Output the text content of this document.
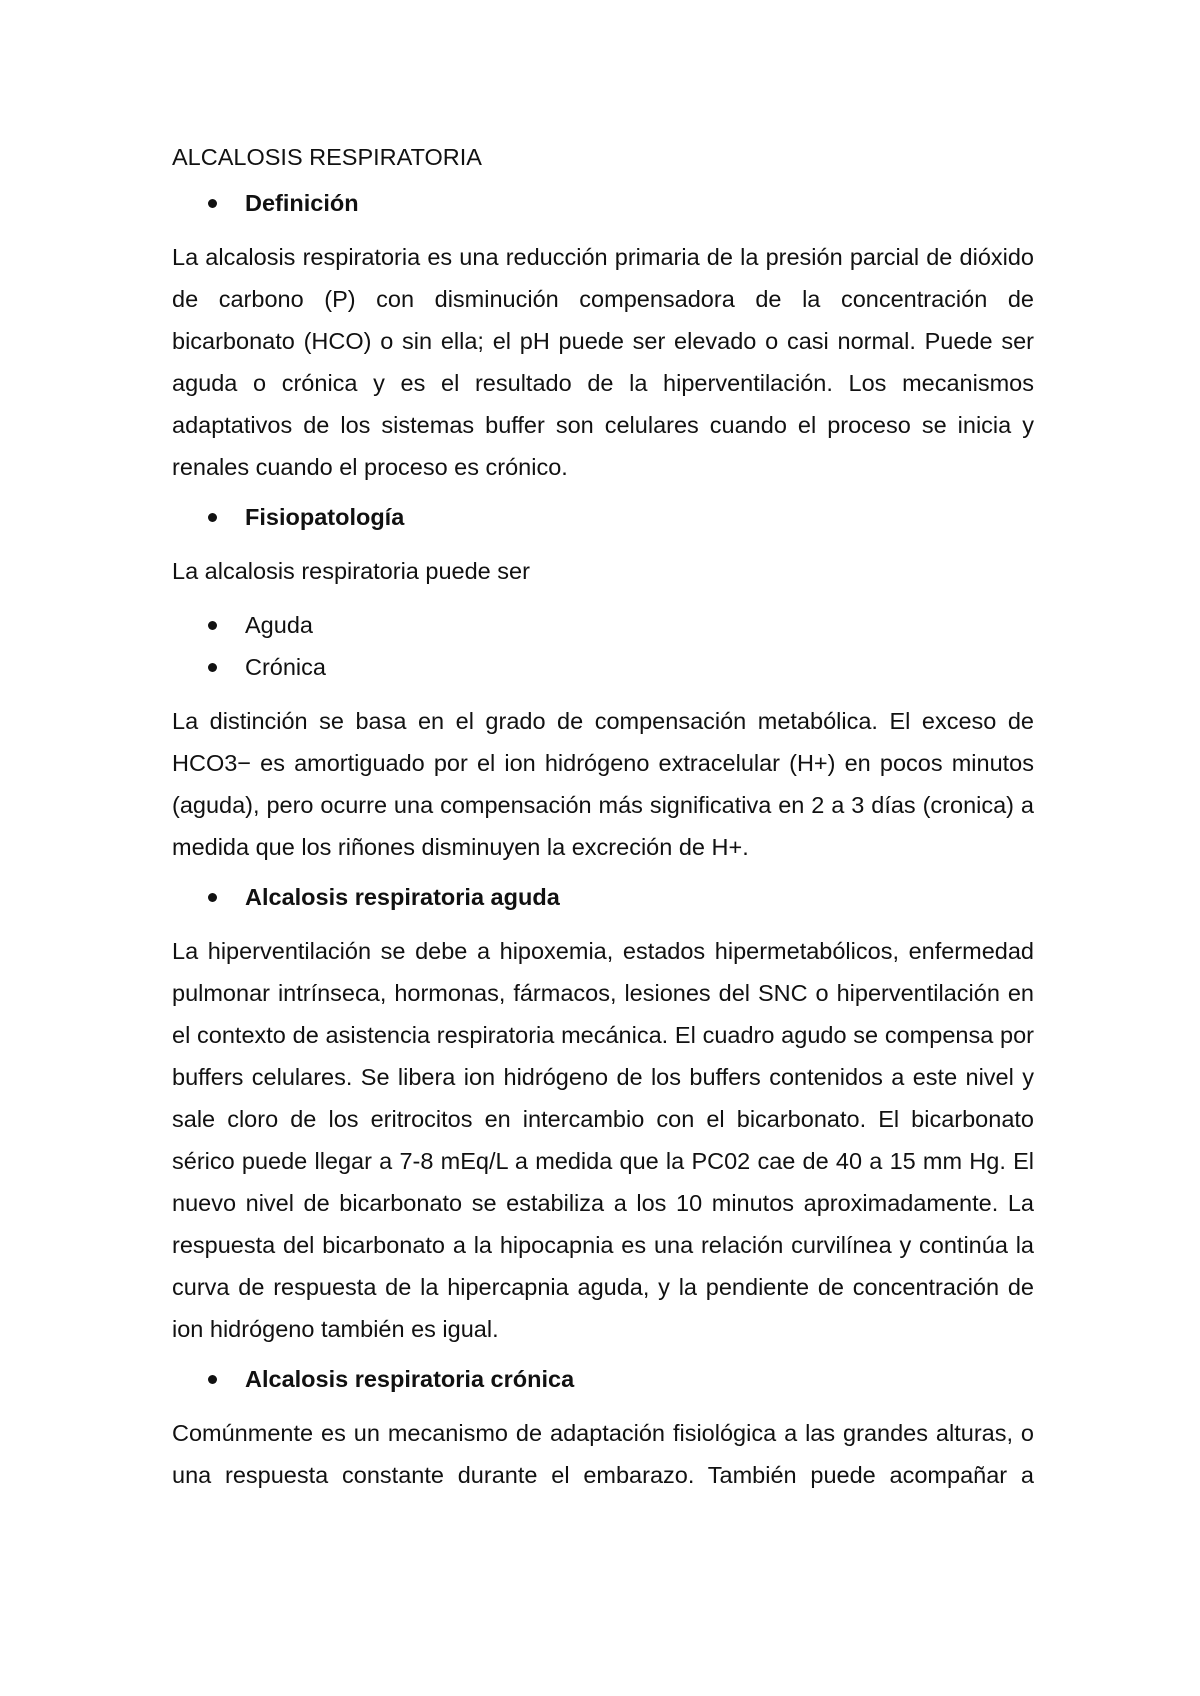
ALCALOSIS RESPIRATORIA
Definición

La alcalosis respiratoria es una reducción primaria de la presión parcial de dióxido de carbono (P) con disminución compensadora de la concentración de bicarbonato (HCO) o sin ella; el pH puede ser elevado o casi normal. Puede ser aguda o crónica y es el resultado de la hiperventilación. Los mecanismos adaptativos de los sistemas buffer son celulares cuando el proceso se inicia y renales cuando el proceso es crónico.

Fisiopatología

La alcalosis respiratoria puede ser

Aguda
Crónica

La distinción se basa en el grado de compensación metabólica. El exceso de HCO3− es amortiguado por el ion hidrógeno extracelular (H+) en pocos minutos (aguda), pero ocurre una compensación más significativa en 2 a 3 días (cronica) a medida que los riñones disminuyen la excreción de H+.

Alcalosis respiratoria aguda

La hiperventilación se debe a hipoxemia, estados hipermetabólicos, enfermedad pulmonar intrínseca, hormonas, fármacos, lesiones del SNC o hiperventilación en el contexto de asistencia respiratoria mecánica. El cuadro agudo se compensa por buffers celulares. Se libera ion hidrógeno de los buffers contenidos a este nivel y sale cloro de los eritrocitos en intercambio con el bicarbonato. El bicarbonato sérico puede llegar a 7-8 mEq/L a medida que la PC02 cae de 40 a 15 mm Hg. El nuevo nivel de bicarbonato se estabiliza a los 10 minutos aproximadamente. La respuesta del bicarbonato a la hipocapnia es una relación curvilínea y continúa la curva de respuesta de la hipercapnia aguda, y la pendiente de concentración de ion hidrógeno también es igual.

Alcalosis respiratoria crónica

Comúnmente es un mecanismo de adaptación fisiológica a las grandes alturas, o una respuesta constante durante el embarazo. También puede acompañar a
